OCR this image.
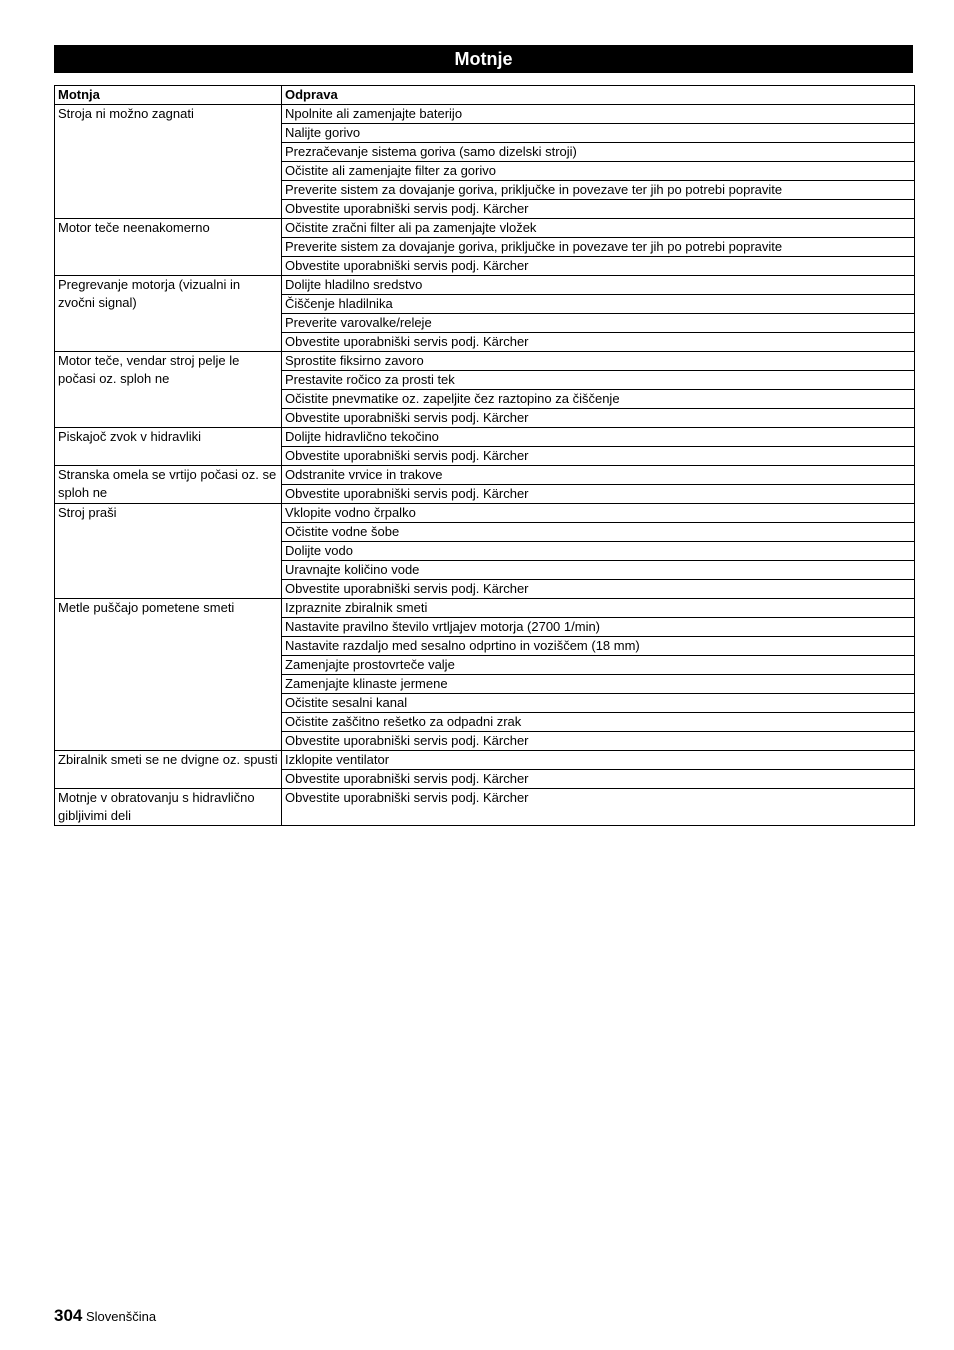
Motnje
Motnja	Odprava
Stroja ni možno zagnati	Npolnite ali zamenjajte baterijo
	Nalijte gorivo
	Prezračevanje sistema goriva (samo dizelski stroji)
	Očistite ali zamenjajte filter za gorivo
	Preverite sistem za dovajanje goriva, priključke in povezave ter jih po potrebi popravite
	Obvestite uporabniški servis podj. Kärcher
Motor teče neenakomerno	Očistite zračni filter ali pa zamenjajte vložek
	Preverite sistem za dovajanje goriva, priključke in povezave ter jih po potrebi popravite
	Obvestite uporabniški servis podj. Kärcher
Pregrevanje motorja (vizualni in zvočni signal)	Dolijte hladilno sredstvo
	Čiščenje hladilnika
	Preverite varovalke/releje
	Obvestite uporabniški servis podj. Kärcher
Motor teče, vendar stroj pelje le počasi oz. sploh ne	Sprostite fiksirno zavoro
	Prestavite ročico za prosti tek
	Očistite pnevmatike oz. zapeljite čez raztopino za čiščenje
	Obvestite uporabniški servis podj. Kärcher
Piskajoč zvok v hidravliki	Dolijte hidravlično tekočino
	Obvestite uporabniški servis podj. Kärcher
Stranska omela se vrtijo počasi oz. se sploh ne	Odstranite vrvice in trakove
	Obvestite uporabniški servis podj. Kärcher
Stroj praši	Vklopite vodno črpalko
	Očistite vodne šobe
	Dolijte vodo
	Uravnajte količino vode
	Obvestite uporabniški servis podj. Kärcher
Metle puščajo pometene smeti	Izpraznite zbiralnik smeti
	Nastavite pravilno število vrtljajev motorja (2700 1/min)
	Nastavite razdaljo med sesalno odprtino in vozišč​em (18 mm)
	Zamenjajte prostovrteče valje
	Zamenjajte klinaste jermene
	Očistite sesalni kanal
	Očistite zaščitno rešetko za odpadni zrak
	Obvestite uporabniški servis podj. Kärcher
Zbiralnik smeti se ne dvigne oz. spusti	Izklopite ventilator
	Obvestite uporabniški servis podj. Kärcher
Motnje v obratovanju s hidravlično gibljivimi deli	Obvestite uporabniški servis podj. Kärcher
304 Slovenščina
